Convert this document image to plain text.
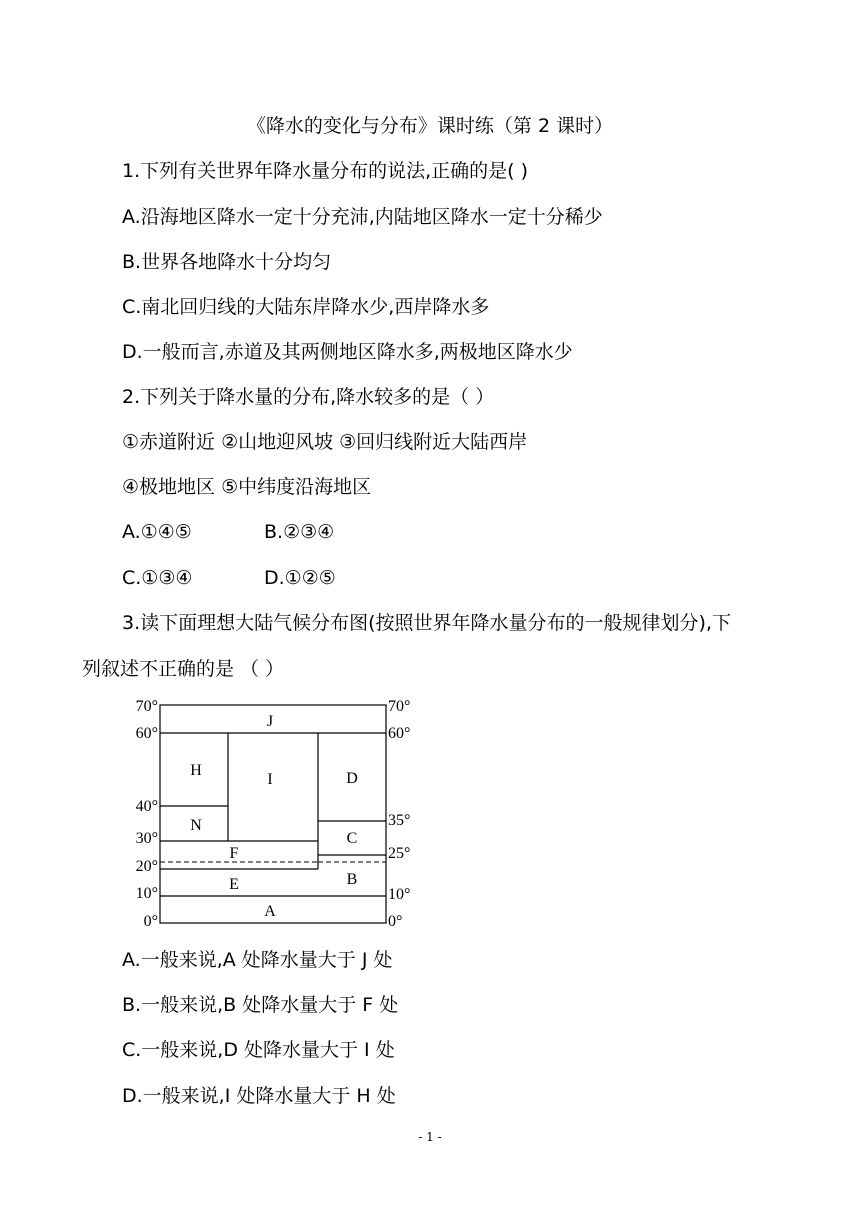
《降水的变化与分布》课时练（第 2 课时）
1.下列有关世界年降水量分布的说法,正确的是( )
A.沿海地区降水一定十分充沛,内陆地区降水一定十分稀少
B.世界各地降水十分均匀
C.南北回归线的大陆东岸降水少,西岸降水多
D.一般而言,赤道及其两侧地区降水多,两极地区降水少
2.下列关于降水量的分布,降水较多的是（ ）
①赤道附近 ②山地迎风坡 ③回归线附近大陆西岸
④极地地区 ⑤中纬度沿海地区
A.①④⑤	B.②③④
C.①③④	D.①②⑤
3.读下面理想大陆气候分布图(按照世界年降水量分布的一般规律划分),下
列叙述不正确的是 （ ）
70°
60°
40°
30°
20°
10°
0°
70°
60°
35°
25°
10°
0°
J
H
I	D
N
C
F
B
E
A
A.一般来说,A 处降水量大于 J 处
B.一般来说,B 处降水量大于 F 处
C.一般来说,D 处降水量大于 I 处
D.一般来说,I 处降水量大于 H 处
- 1 -
